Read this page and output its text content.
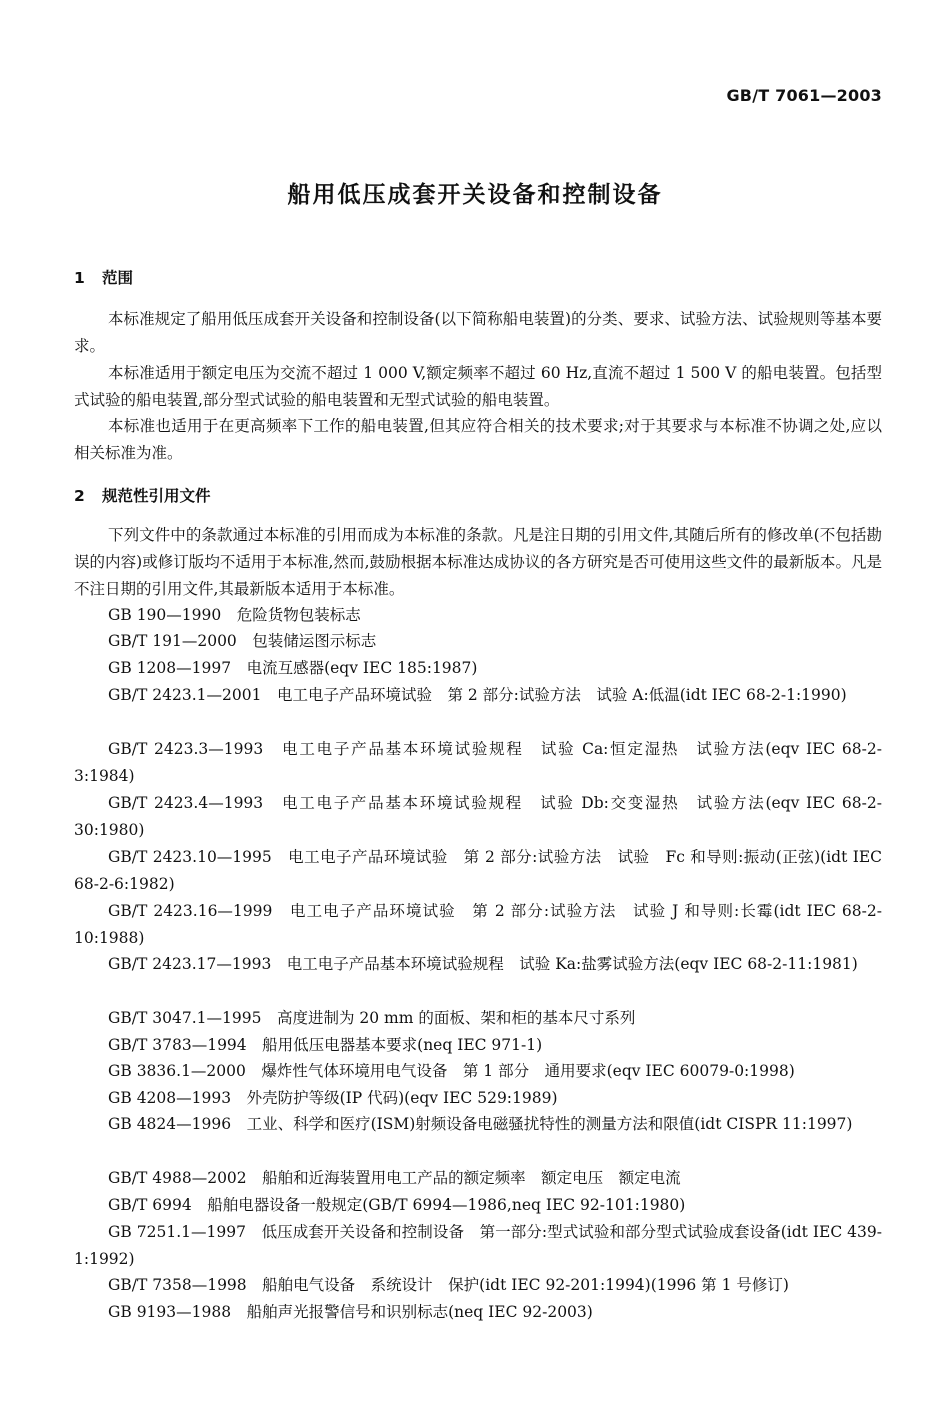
GB/T 7061—2003
船用低压成套开关设备和控制设备
1 范围

本标准规定了船用低压成套开关设备和控制设备(以下简称船电装置)的分类、要求、试验方法、试验规则等基本要求。

本标准适用于额定电压为交流不超过 1 000 V,额定频率不超过 60 Hz,直流不超过 1 500 V 的船电装置。包括型式试验的船电装置,部分型式试验的船电装置和无型式试验的船电装置。

本标准也适用于在更高频率下工作的船电装置,但其应符合相关的技术要求;对于其要求与本标准不协调之处,应以相关标准为准。

2 规范性引用文件

下列文件中的条款通过本标准的引用而成为本标准的条款。凡是注日期的引用文件,其随后所有的修改单(不包括勘误的内容)或修订版均不适用于本标准,然而,鼓励根据本标准达成协议的各方研究是否可使用这些文件的最新版本。凡是不注日期的引用文件,其最新版本适用于本标准。

GB 190—1990　危险货物包装标志

GB/T 191—2000　包装储运图示标志

GB 1208—1997　电流互感器(eqv IEC 185:1987)

GB/T 2423.1—2001　电工电子产品环境试验　第 2 部分:试验方法　试验 A:低温(idt IEC 68-2-1:1990)

GB/T 2423.3—1993　电工电子产品基本环境试验规程　试验 Ca:恒定湿热　试验方法(eqv IEC 68-2-3:1984)

GB/T 2423.4—1993　电工电子产品基本环境试验规程　试验 Db:交变湿热　试验方法(eqv IEC 68-2-30:1980)

GB/T 2423.10—1995　电工电子产品环境试验　第 2 部分:试验方法　试验　Fc 和导则:振动(正弦)(idt IEC 68-2-6:1982)

GB/T 2423.16—1999　电工电子产品环境试验　第 2 部分:试验方法　试验 J 和导则:长霉(idt IEC 68-2-10:1988)

GB/T 2423.17—1993　电工电子产品基本环境试验规程　试验 Ka:盐雾试验方法(eqv IEC 68-2-11:1981)

GB/T 3047.1—1995　高度进制为 20 mm 的面板、架和柜的基本尺寸系列

GB/T 3783—1994　船用低压电器基本要求(neq IEC 971-1)

GB 3836.1—2000　爆炸性气体环境用电气设备　第 1 部分　通用要求(eqv IEC 60079-0:1998)

GB 4208—1993　外壳防护等级(IP 代码)(eqv IEC 529:1989)

GB 4824—1996　工业、科学和医疗(ISM)射频设备电磁骚扰特性的测量方法和限值(idt CISPR 11:1997)

GB/T 4988—2002　船舶和近海装置用电工产品的额定频率　额定电压　额定电流

GB/T 6994　船舶电器设备一般规定(GB/T 6994—1986,neq IEC 92-101:1980)

GB 7251.1—1997　低压成套开关设备和控制设备　第一部分:型式试验和部分型式试验成套设备(idt IEC 439-1:1992)

GB/T 7358—1998　船舶电气设备　系统设计　保护(idt IEC 92-201:1994)(1996 第 1 号修订)

GB 9193—1988　船舶声光报警信号和识别标志(neq IEC 92-2003)
